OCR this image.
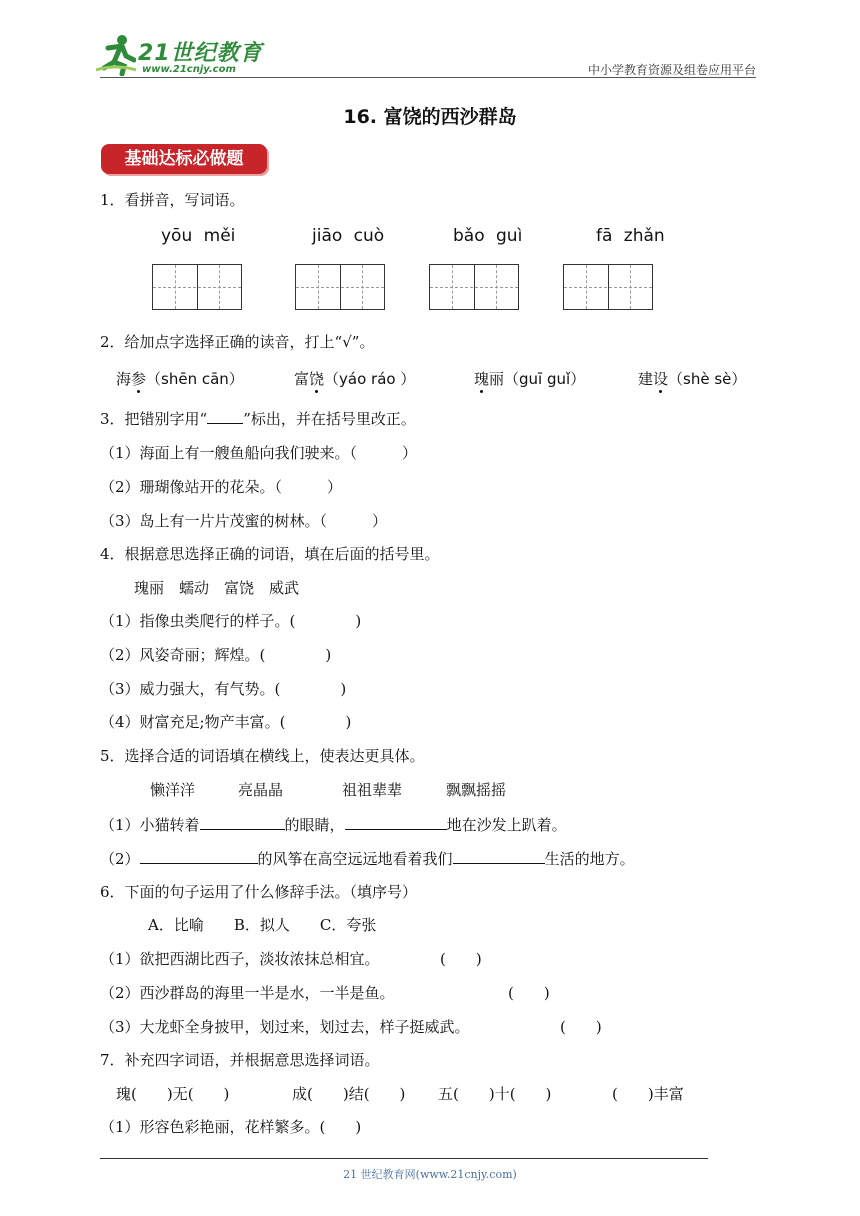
21世纪教育
www.21cnjy.com	中小学教育资源及组卷应用平台
16. 富饶的西沙群岛
基础达标必做题
1．看拼音，写词语。
yōu měi	jiāo cuò	bǎo guì	fā zhǎn
2．给加点字选择正确的读音，打上“√”。
海参（shēn cān）	富饶（yáo ráo ）	瑰丽（guī guǐ）	建设（shè sè）
3．把错别字用“ ”标出，并在括号里改正。
（1）海面上有一艘鱼船向我们驶来。（　　　）
（2）珊瑚像站开的花朵。（　　　）
（3）岛上有一片片茂蜜的树林。（　　　）
4．根据意思选择正确的词语，填在后面的括号里。
瑰丽　蠕动　富饶　威武
（1）指像虫类爬行的样子。(　　　　)
（2）风姿奇丽；辉煌。(　　　　)
（3）威力强大，有气势。(　　　　)
（4）财富充足;物产丰富。(　　　　)
5．选择合适的词语填在横线上，使表达更具体。
懒洋洋	亮晶晶	祖祖辈辈	飘飘摇摇
（1）小猫转着	的眼睛，	地在沙发上趴着。
（2）	的风筝在高空远远地看着我们	生活的地方。
6．下面的句子运用了什么修辞手法。（填序号）
A．比喻　　B．拟人　　C．夸张
（1）欲把西湖比西子，淡妆浓抹总相宜。	(　　)
（2）西沙群岛的海里一半是水，一半是鱼。	(　　)
（3）大龙虾全身披甲，划过来，划过去，样子挺威武。	(　　)
7．补充四字词语，并根据意思选择词语。
瑰(　　)无(　　)	成(　　)结(　　) 五(　　)十(　　)	(　　)丰富
（1）形容色彩艳丽，花样繁多。(　　)
21 世纪教育网(www.21cnjy.com)
